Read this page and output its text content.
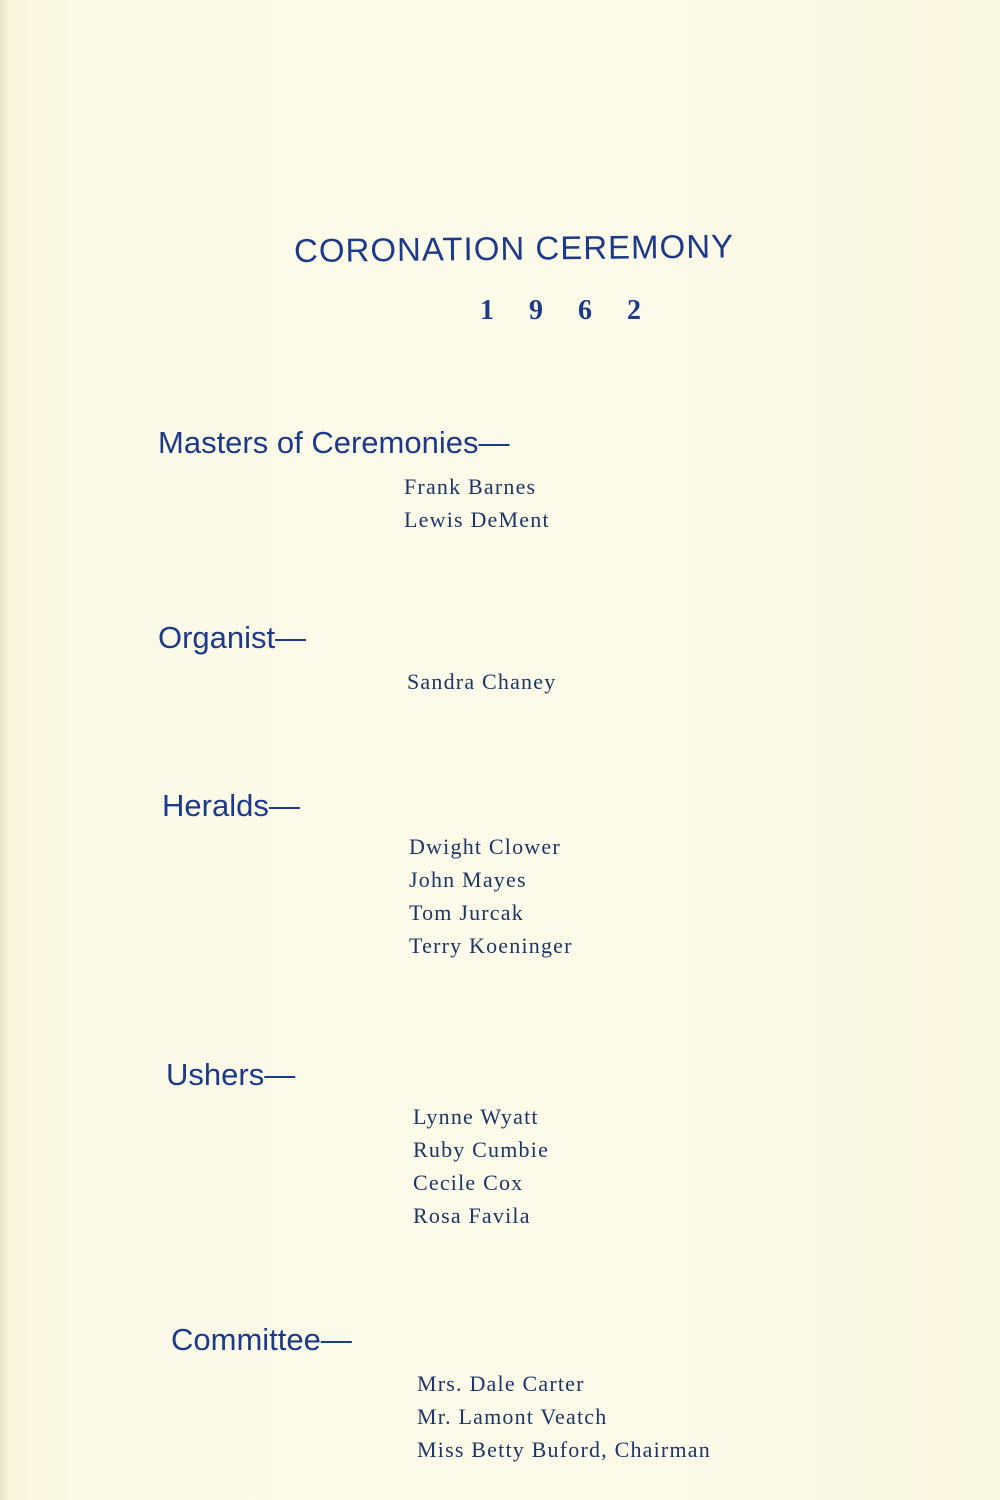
CORONATION CEREMONY
1 9 6 2
Masters of Ceremonies—
Frank Barnes
Lewis DeMent
Organist—
Sandra Chaney
Heralds—
Dwight Clower
John Mayes
Tom Jurcak
Terry Koeninger
Ushers—
Lynne Wyatt
Ruby Cumbie
Cecile Cox
Rosa Favila
Committee—
Mrs. Dale Carter
Mr. Lamont Veatch
Miss Betty Buford, Chairman
